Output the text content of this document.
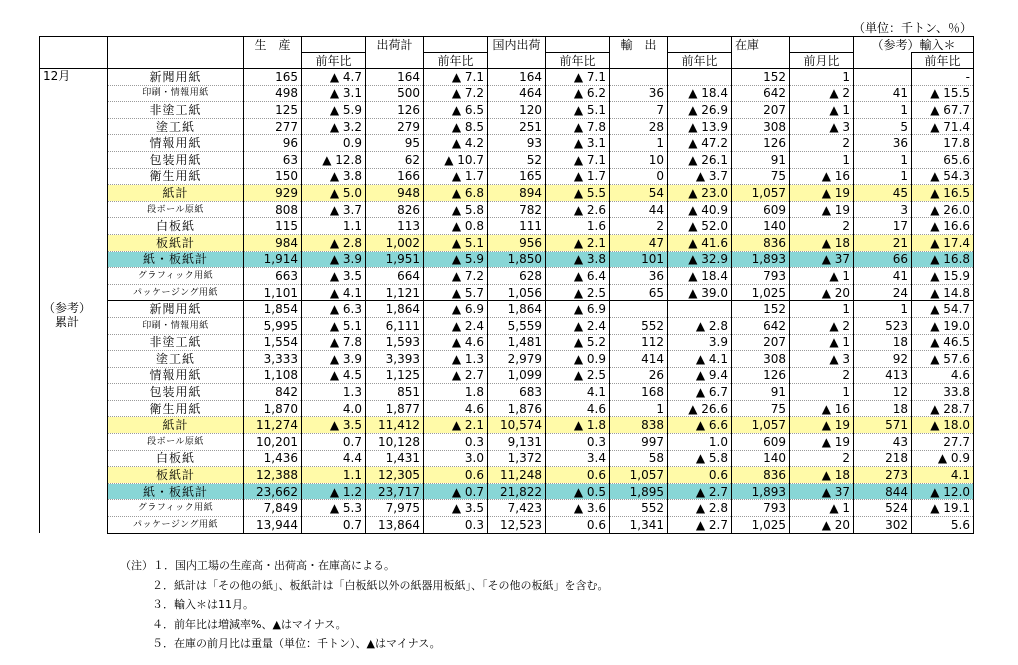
（単位：千トン、％）
		生　産		出荷計		国内出荷		輸　出		在庫		（参考）輸入＊	
			前年比		前年比		前年比		前年比		前月比		前年比

12月	新聞用紙	165	▲ 4.7	164	▲ 7.1	164	▲ 7.1			152	1		-
	印刷・情報用紙	498	▲ 3.1	500	▲ 7.2	464	▲ 6.2	36	▲ 18.4	642	▲ 2	41	▲ 15.5
	非塗工紙	125	▲ 5.9	126	▲ 6.5	120	▲ 5.1	7	▲ 26.9	207	▲ 1	1	▲ 67.7
	塗工紙	277	▲ 3.2	279	▲ 8.5	251	▲ 7.8	28	▲ 13.9	308	▲ 3	5	▲ 71.4
	情報用紙	96	0.9	95	▲ 4.2	93	▲ 3.1	1	▲ 47.2	126	2	36	17.8
	包装用紙	63	▲ 12.8	62	▲ 10.7	52	▲ 7.1	10	▲ 26.1	91	1	1	65.6
	衛生用紙	150	▲ 3.8	166	▲ 1.7	165	▲ 1.7	0	▲ 3.7	75	▲ 16	1	▲ 54.3
	紙計	929	▲ 5.0	948	▲ 6.8	894	▲ 5.5	54	▲ 23.0	1,057	▲ 19	45	▲ 16.5
	段ボール原紙	808	▲ 3.7	826	▲ 5.8	782	▲ 2.6	44	▲ 40.9	609	▲ 19	3	▲ 26.0
	白板紙	115	1.1	113	▲ 0.8	111	1.6	2	▲ 52.0	140	2	17	▲ 16.6
	板紙計	984	▲ 2.8	1,002	▲ 5.1	956	▲ 2.1	47	▲ 41.6	836	▲ 18	21	▲ 17.4
	紙・板紙計	1,914	▲ 3.9	1,951	▲ 5.9	1,850	▲ 3.8	101	▲ 32.9	1,893	▲ 37	66	▲ 16.8
	グラフィック用紙	663	▲ 3.5	664	▲ 7.2	628	▲ 6.4	36	▲ 18.4	793	▲ 1	41	▲ 15.9
	パッケージング用紙	1,101	▲ 4.1	1,121	▲ 5.7	1,056	▲ 2.5	65	▲ 39.0	1,025	▲ 20	24	▲ 14.8

（参考）
累計	新聞用紙	1,854	▲ 6.3	1,864	▲ 6.9	1,864	▲ 6.9			152	1	1	▲ 54.7
	印刷・情報用紙	5,995	▲ 5.1	6,111	▲ 2.4	5,559	▲ 2.4	552	▲ 2.8	642	▲ 2	523	▲ 19.0
	非塗工紙	1,554	▲ 7.8	1,593	▲ 4.6	1,481	▲ 5.2	112	3.9	207	▲ 1	18	▲ 46.5
	塗工紙	3,333	▲ 3.9	3,393	▲ 1.3	2,979	▲ 0.9	414	▲ 4.1	308	▲ 3	92	▲ 57.6
	情報用紙	1,108	▲ 4.5	1,125	▲ 2.7	1,099	▲ 2.5	26	▲ 9.4	126	2	413	4.6
	包装用紙	842	1.3	851	1.8	683	4.1	168	▲ 6.7	91	1	12	33.8
	衛生用紙	1,870	4.0	1,877	4.6	1,876	4.6	1	▲ 26.6	75	▲ 16	18	▲ 28.7
	紙計	11,274	▲ 3.5	11,412	▲ 2.1	10,574	▲ 1.8	838	▲ 6.6	1,057	▲ 19	571	▲ 18.0
	段ボール原紙	10,201	0.7	10,128	0.3	9,131	0.3	997	1.0	609	▲ 19	43	27.7
	白板紙	1,436	4.4	1,431	3.0	1,372	3.4	58	▲ 5.8	140	2	218	▲ 0.9
	板紙計	12,388	1.1	12,305	0.6	11,248	0.6	1,057	0.6	836	▲ 18	273	4.1
	紙・板紙計	23,662	▲ 1.2	23,717	▲ 0.7	21,822	▲ 0.5	1,895	▲ 2.7	1,893	▲ 37	844	▲ 12.0
	グラフィック用紙	7,849	▲ 5.3	7,975	▲ 3.5	7,423	▲ 3.6	552	▲ 2.8	793	▲ 1	524	▲ 19.1
	パッケージング用紙	13,944	0.7	13,864	0.3	12,523	0.6	1,341	▲ 2.7	1,025	▲ 20	302	5.6
（注）１．国内工場の生産高・出荷高・在庫高による。
２．紙計は「その他の紙」、板紙計は「白板紙以外の紙器用板紙」、「その他の板紙」を含む。
３．輸入＊は11月。
４．前年比は増減率%、▲はマイナス。
５．在庫の前月比は重量（単位：千トン）、▲はマイナス。
